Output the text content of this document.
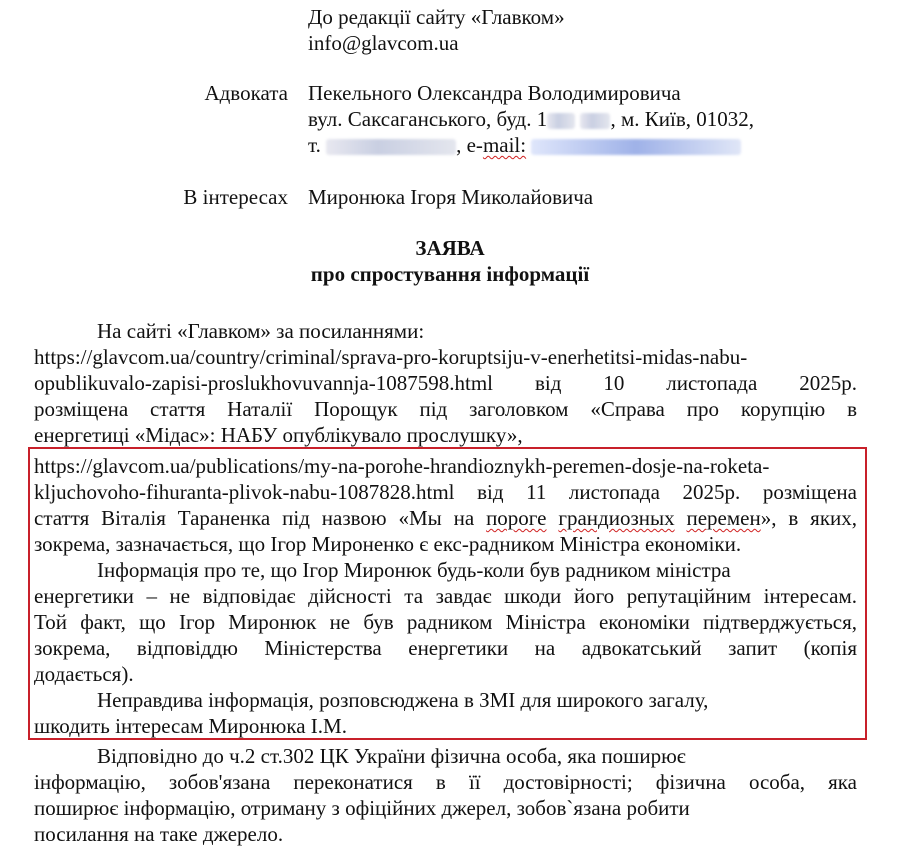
До редакції сайту «Главком»
info@glavcom.ua
Адвоката Пекельного Олександра Володимировича
вул. Саксаганського, буд. 1	, м. Київ, 01032,
т.	, e-mail:
В інтересах Миронюка Ігоря Миколайовича
ЗАЯВА
про спростування інформації
На сайті «Главком» за посиланнями:
https://glavcom.ua/country/criminal/sprava-pro-koruptsiju-v-enerhetitsi-midas-nabu-
opublikuvalo-zapisi-proslukhovuvannja-1087598.html від 10 листопада 2025р.
розміщена стаття Наталії Порощук під заголовком «Справа про корупцію в
енергетиці «Мідас»: НАБУ опублікувало прослушку»,
https://glavcom.ua/publications/my-na-porohe-hrandioznykh-peremen-dosje-na-roketa-
kljuchovoho-fihuranta-plivok-nabu-1087828.html від 11 листопада 2025р. розміщена
стаття Віталія Тараненка під назвою «Мы на пороге грандиозных перемен», в яких,
зокрема, зазначається, що Ігор Мироненко є екс-радником Міністра економіки.
Інформація про те, що Ігор Миронюк будь-коли був радником міністра
енергетики – не відповідає дійсності та завдає шкоди його репутаційним інтересам.
Той факт, що Ігор Миронюк не був радником Міністра економіки підтверджується,
зокрема, відповіддю Міністерства енергетики на адвокатський запит (копія
додається).
Неправдива інформація, розповсюджена в ЗМІ для широкого загалу,
шкодить інтересам Миронюка І.М.
Відповідно до ч.2 ст.302 ЦК України фізична особа, яка поширює
інформацію, зобов'язана переконатися в її достовірності; фізична особа, яка
поширює інформацію, отриману з офіційних джерел, зобов`язана робити
посилання на таке джерело.
